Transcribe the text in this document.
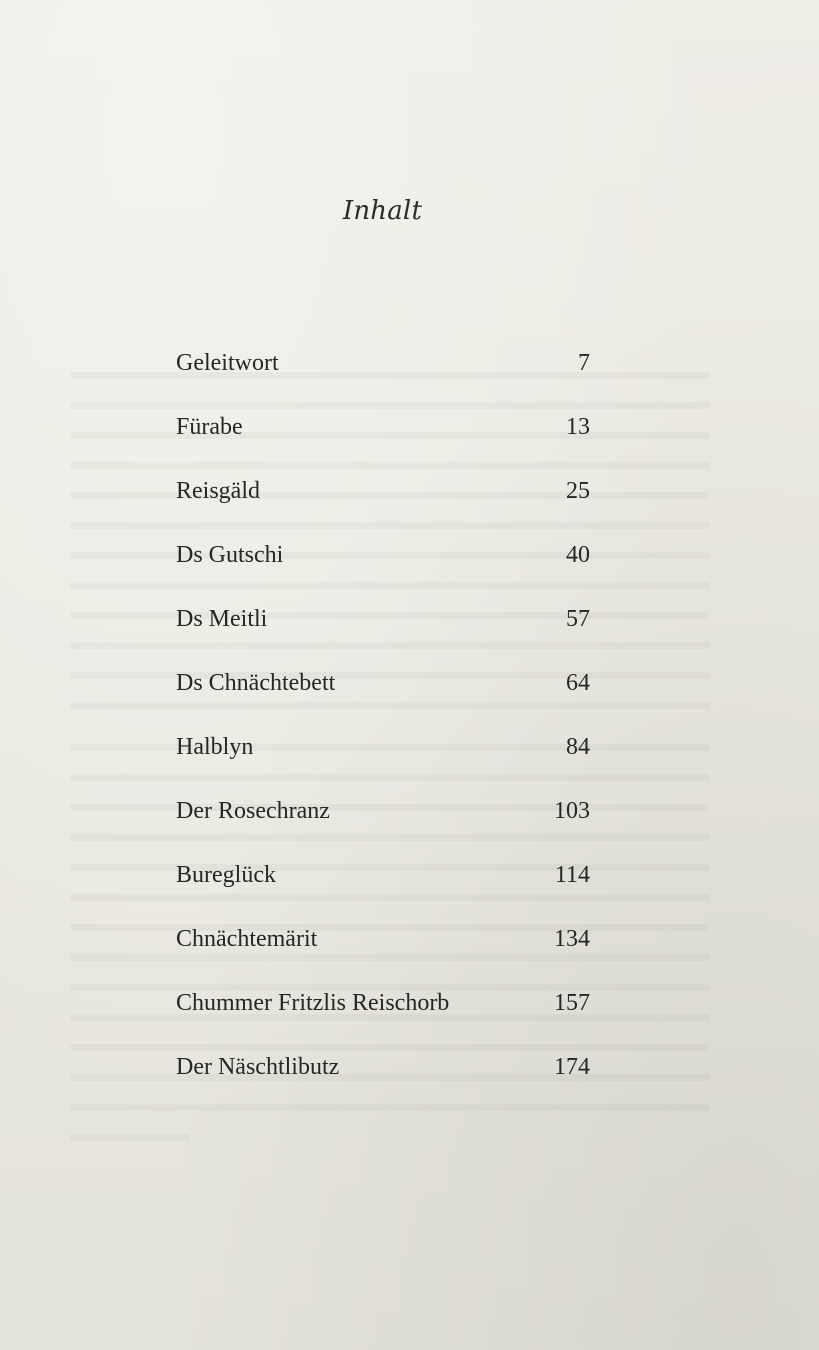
Inhalt
Geleitwort	7
Fürabe	13
Reisgäld	25
Ds Gutschi	40
Ds Meitli	57
Ds Chnächtebett	64
Halblyn	84
Der Rosechranz	103
Bureglück	114
Chnächtemärit	134
Chummer Fritzlis Reischorb	157
Der Näschtlibutz	174
